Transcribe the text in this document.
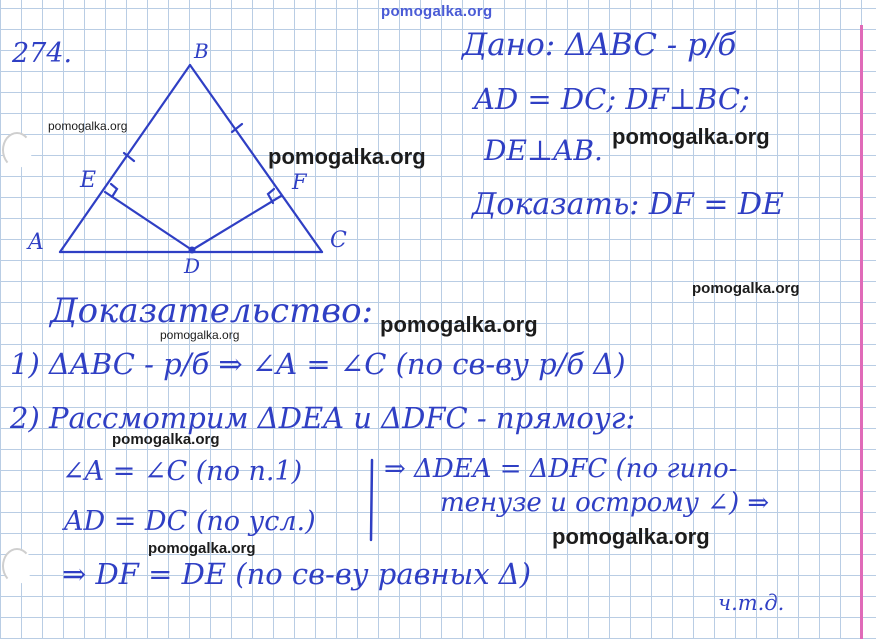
pomogalka.org
B
A	C
D
E	F
274.	Дано: ΔABC - р/б
AD = DC; DF⊥BC;
DE⊥AB.
Доказать: DF = DE
Доказательство:
1) ΔABC - р/б ⇒ ∠A = ∠C (по св-ву р/б Δ)
2) Рассмотрим ΔDEA и ΔDFC - прямоуг:
∠A = ∠C (по п.1)
AD = DC (по усл.)
⇒ ΔDEA = ΔDFC (по гипо-
тенузе и острому ∠) ⇒
⇒ DF = DE (по св-ву равных Δ)
ч.т.д.
pomogalka.org
pomogalka.org
pomogalka.org
pomogalka.org
pomogalka.org
pomogalka.org
pomogalka.org
pomogalka.org
pomogalka.org
